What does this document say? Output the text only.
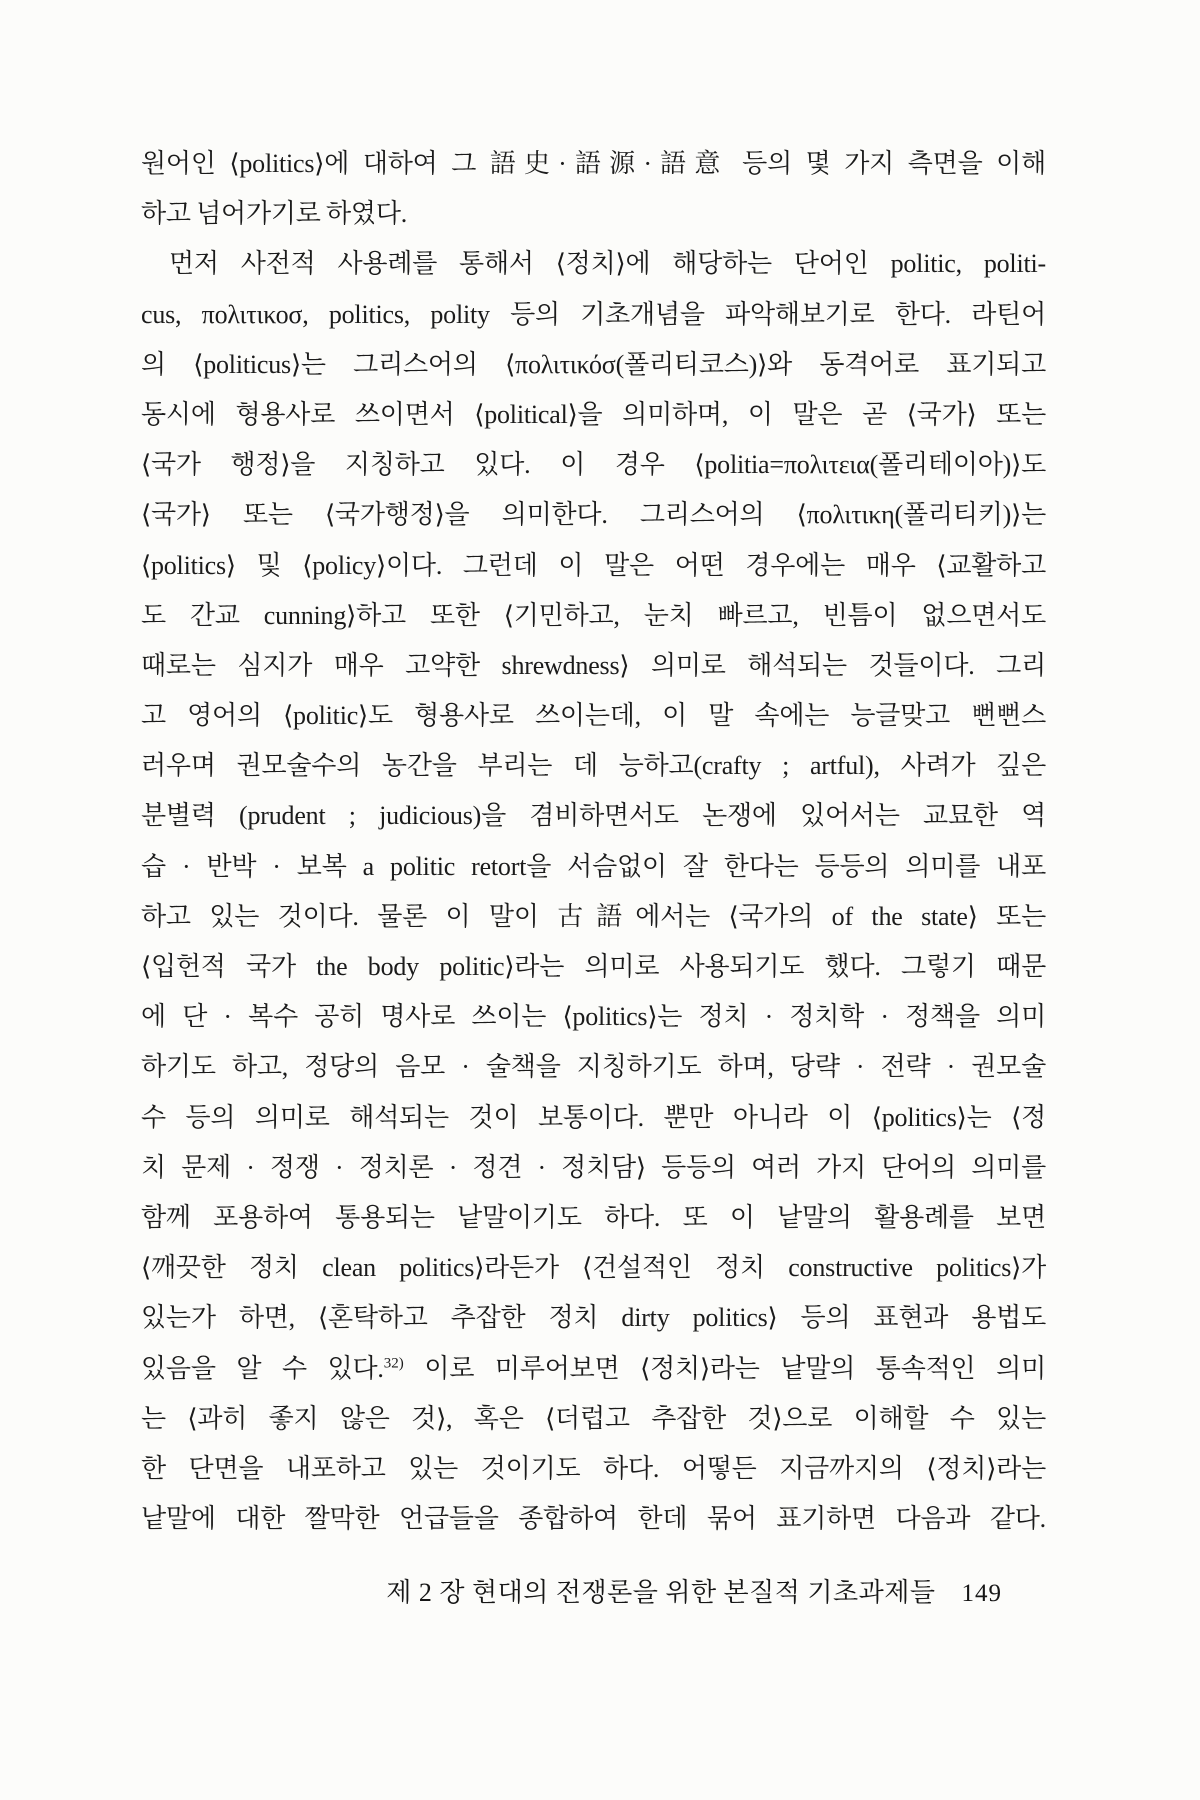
원어인 ⟨politics⟩에 대하여 그 語史·語源·語意 등의 몇 가지 측면을 이해
하고 넘어가기로 하였다.
먼저 사전적 사용례를 통해서 ⟨정치⟩에 해당하는 단어인 politic, politi-
cus, πολιτικοσ, politics, polity 등의 기초개념을 파악해보기로 한다. 라틴어
의 ⟨politicus⟩는 그리스어의 ⟨πολιτικόσ(폴리티코스)⟩와 동격어로 표기되고
동시에 형용사로 쓰이면서 ⟨political⟩을 의미하며, 이 말은 곧 ⟨국가⟩ 또는
⟨국가 행정⟩을 지칭하고 있다. 이 경우 ⟨politia=πολιτεια(폴리테이아)⟩도
⟨국가⟩ 또는 ⟨국가행정⟩을 의미한다. 그리스어의 ⟨πολιτικη(폴리티키)⟩는
⟨politics⟩ 및 ⟨policy⟩이다. 그런데 이 말은 어떤 경우에는 매우 ⟨교활하고
도 간교 cunning⟩하고 또한 ⟨기민하고, 눈치 빠르고, 빈틈이 없으면서도
때로는 심지가 매우 고약한 shrewdness⟩ 의미로 해석되는 것들이다. 그리
고 영어의 ⟨politic⟩도 형용사로 쓰이는데, 이 말 속에는 능글맞고 뻔뻔스
러우며 권모술수의 농간을 부리는 데 능하고(crafty ; artful), 사려가 깊은
분별력 (prudent ; judicious)을 겸비하면서도 논쟁에 있어서는 교묘한 역
습 · 반박 · 보복 a politic retort을 서슴없이 잘 한다는 등등의 의미를 내포
하고 있는 것이다. 물론 이 말이 古語에서는 ⟨국가의 of the state⟩ 또는
⟨입헌적 국가 the body politic⟩라는 의미로 사용되기도 했다. 그렇기 때문
에 단 · 복수 공히 명사로 쓰이는 ⟨politics⟩는 정치 · 정치학 · 정책을 의미
하기도 하고, 정당의 음모 · 술책을 지칭하기도 하며, 당략 · 전략 · 권모술
수 등의 의미로 해석되는 것이 보통이다. 뿐만 아니라 이 ⟨politics⟩는 ⟨정
치 문제 · 정쟁 · 정치론 · 정견 · 정치담⟩ 등등의 여러 가지 단어의 의미를
함께 포용하여 통용되는 낱말이기도 하다. 또 이 낱말의 활용례를 보면
⟨깨끗한 정치 clean politics⟩라든가 ⟨건설적인 정치 constructive politics⟩가
있는가 하면, ⟨혼탁하고 추잡한 정치 dirty politics⟩ 등의 표현과 용법도
있음을 알 수 있다.$^{32)}$ 이로 미루어보면 ⟨정치⟩라는 낱말의 통속적인 의미
는 ⟨과히 좋지 않은 것⟩, 혹은 ⟨더럽고 추잡한 것⟩으로 이해할 수 있는
한 단면을 내포하고 있는 것이기도 하다. 어떻든 지금까지의 ⟨정치⟩라는
낱말에 대한 짤막한 언급들을 종합하여 한데 묶어 표기하면 다음과 같다.
제 2 장 현대의 전쟁론을 위한 본질적 기초과제들 149
